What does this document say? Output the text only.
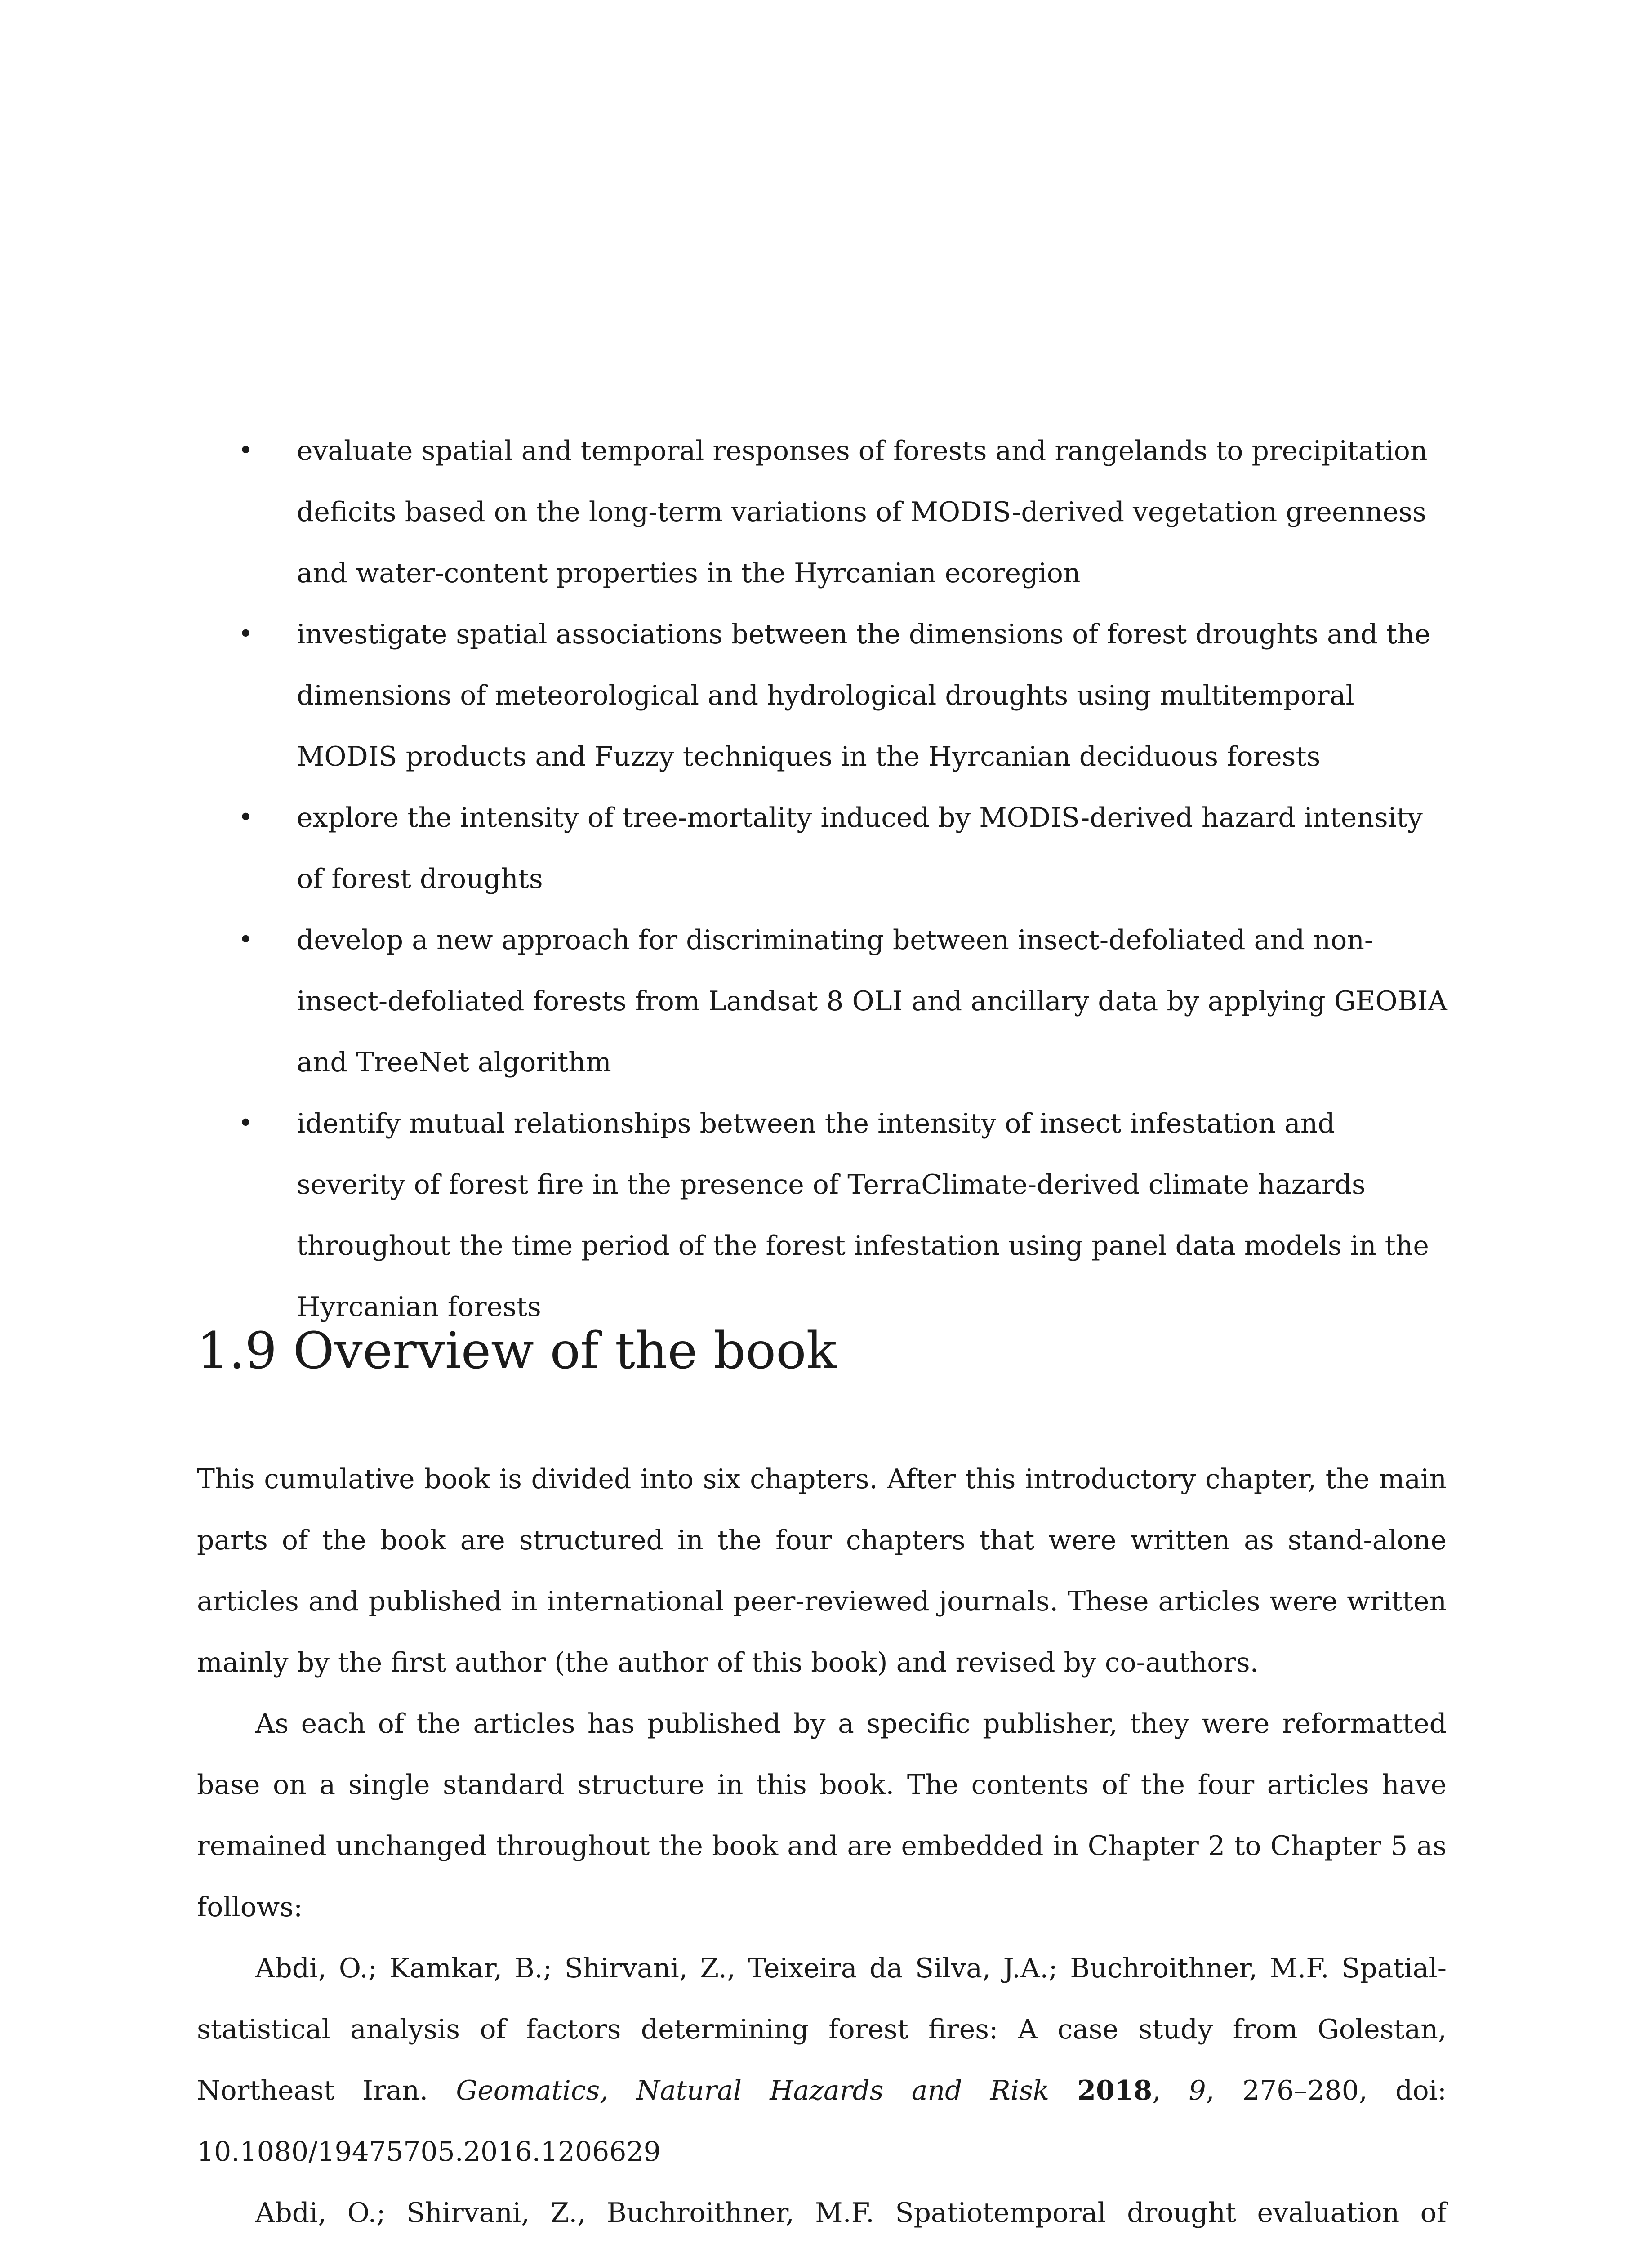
• evaluate spatial and temporal responses of forests and rangelands to precipitation deficits based on the long-term variations of MODIS-derived vegetation greenness and water-content properties in the Hyrcanian ecoregion
• investigate spatial associations between the dimensions of forest droughts and the dimensions of meteorological and hydrological droughts using multitemporal MODIS products and Fuzzy techniques in the Hyrcanian deciduous forests
• explore the intensity of tree-mortality induced by MODIS-derived hazard intensity of forest droughts
• develop a new approach for discriminating between insect-defoliated and non-insect-defoliated forests from Landsat 8 OLI and ancillary data by applying GEOBIA and TreeNet algorithm
• identify mutual relationships between the intensity of insect infestation and severity of forest fire in the presence of TerraClimate-derived climate hazards throughout the time period of the forest infestation using panel data models in the Hyrcanian forests
1.9 Overview of the book

This cumulative book is divided into six chapters. After this introductory chapter, the main parts of the book are structured in the four chapters that were written as stand-alone articles and published in international peer-reviewed journals. These articles were written mainly by the first author (the author of this book) and revised by co-authors.

As each of the articles has published by a specific publisher, they were reformatted base on a single standard structure in this book. The contents of the four articles have remained unchanged throughout the book and are embedded in Chapter 2 to Chapter 5 as follows:

Abdi, O.; Kamkar, B.; Shirvani, Z., Teixeira da Silva, J.A.; Buchroithner, M.F. Spatial-statistical analysis of factors determining forest fires: A case study from Golestan, Northeast Iran. Geomatics, Natural Hazards and Risk 2018, 9, 276–280, doi: 10.1080/19475705.2016.1206629

Abdi, O.; Shirvani, Z., Buchroithner, M.F. Spatiotemporal drought evaluation of
